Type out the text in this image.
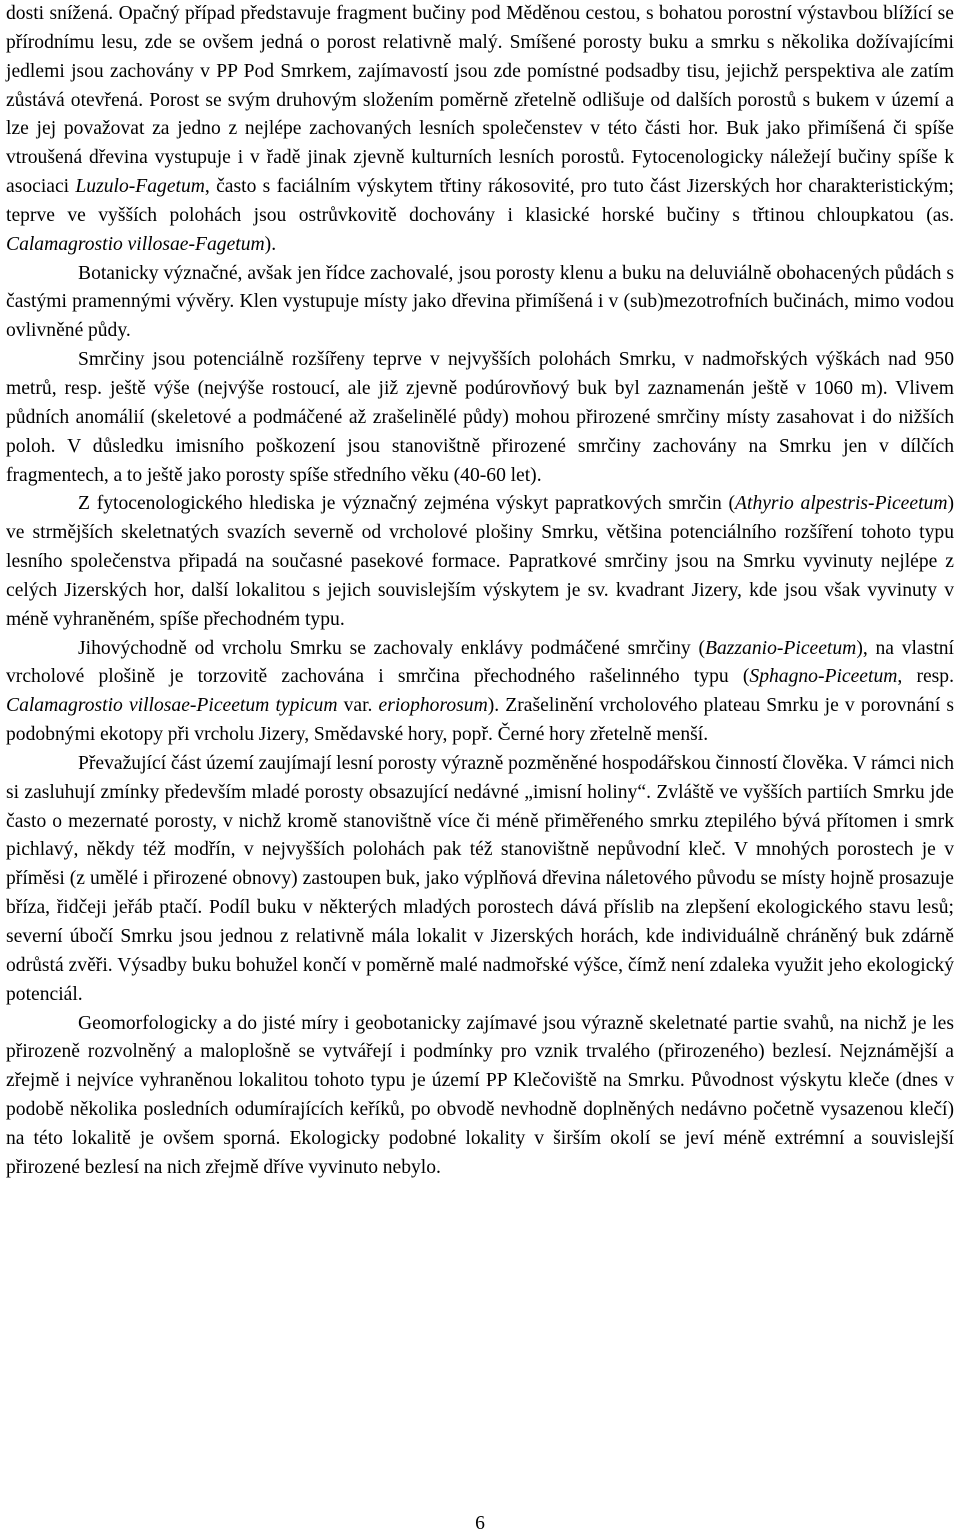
dosti snížená. Opačný případ představuje fragment bučiny pod Měděnou cestou, s bohatou porostní výstavbou blížící se přírodnímu lesu, zde se ovšem jedná o porost relativně malý. Smíšené porosty buku a smrku s několika dožívajícími jedlemi jsou zachovány v PP Pod Smrkem, zajímavostí jsou zde pomístné podsadby tisu, jejichž perspektiva ale zatím zůstává otevřená. Porost se svým druhovým složením poměrně zřetelně odlišuje od dalších porostů s bukem v území a lze jej považovat za jedno z nejlépe zachovaných lesních společenstev v této části hor. Buk jako přimíšená či spíše vtroušená dřevina vystupuje i v řadě jinak zjevně kulturních lesních porostů. Fytocenologicky náležejí bučiny spíše k asociaci Luzulo-Fagetum, často s faciálním výskytem třtiny rákosovité, pro tuto část Jizerských hor charakteristickým; teprve ve vyšších polohách jsou ostrůvkovitě dochovány i klasické horské bučiny s třtinou chloupkatou (as. Calamagrostio villosae-Fagetum).

Botanicky význačné, avšak jen řídce zachovalé, jsou porosty klenu a buku na deluviálně obohacených půdách s častými pramennými vývěry. Klen vystupuje místy jako dřevina přimíšená i v (sub)mezotrofních bučinách, mimo vodou ovlivněné půdy.

Smrčiny jsou potenciálně rozšířeny teprve v nejvyšších polohách Smrku, v nadmořských výškách nad 950 metrů, resp. ještě výše (nejvýše rostoucí, ale již zjevně podúrovňový buk byl zaznamenán ještě v 1060 m). Vlivem půdních anomálií (skeletové a podmáčené až zrašelinělé půdy) mohou přirozené smrčiny místy zasahovat i do nižších poloh. V důsledku imisního poškození jsou stanovištně přirozené smrčiny zachovány na Smrku jen v dílčích fragmentech, a to ještě jako porosty spíše středního věku (40-60 let).

Z fytocenologického hlediska je význačný zejména výskyt papratkových smrčin (Athyrio alpestris-Piceetum) ve strmějších skeletnatých svazích severně od vrcholové plošiny Smrku, většina potenciálního rozšíření tohoto typu lesního společenstva připadá na současné pasekové formace. Papratkové smrčiny jsou na Smrku vyvinuty nejlépe z celých Jizerských hor, další lokalitou s jejich souvislejším výskytem je sv. kvadrant Jizery, kde jsou však vyvinuty v méně vyhraněném, spíše přechodném typu.

Jihovýchodně od vrcholu Smrku se zachovaly enklávy podmáčené smrčiny (Bazzanio-Piceetum), na vlastní vrcholové plošině je torzovitě zachována i smrčina přechodného rašelinného typu (Sphagno-Piceetum, resp. Calamagrostio villosae-Piceetum typicum var. eriophorosum). Zrašelinění vrcholového plateau Smrku je v porovnání s podobnými ekotopy při vrcholu Jizery, Smědavské hory, popř. Černé hory zřetelně menší.

Převažující část území zaujímají lesní porosty výrazně pozměněné hospodářskou činností člověka. V rámci nich si zasluhují zmínky především mladé porosty obsazující nedávné „imisní holiny“. Zvláště ve vyšších partiích Smrku jde často o mezernaté porosty, v nichž kromě stanovištně více či méně přiměřeného smrku ztepilého bývá přítomen i smrk pichlavý, někdy též modřín, v nejvyšších polohách pak též stanovištně nepůvodní kleč. V mnohých porostech je v příměsi (z umělé i přirozené obnovy) zastoupen buk, jako výplňová dřevina náletového původu se místy hojně prosazuje bříza, řidčeji jeřáb ptačí. Podíl buku v některých mladých porostech dává příslib na zlepšení ekologického stavu lesů; severní úbočí Smrku jsou jednou z relativně mála lokalit v Jizerských horách, kde individuálně chráněný buk zdárně odrůstá zvěři. Výsadby buku bohužel končí v poměrně malé nadmořské výšce, čímž není zdaleka využit jeho ekologický potenciál.

Geomorfologicky a do jisté míry i geobotanicky zajímavé jsou výrazně skeletnaté partie svahů, na nichž je les přirozeně rozvolněný a maloplošně se vytvářejí i podmínky pro vznik trvalého (přirozeného) bezlesí. Nejznámější a zřejmě i nejvíce vyhraněnou lokalitou tohoto typu je území PP Klečoviště na Smrku. Původnost výskytu kleče (dnes v podobě několika posledních odumírajících keříků, po obvodě nevhodně doplněných nedávno početně vysazenou klečí) na této lokalitě je ovšem sporná. Ekologicky podobné lokality v širším okolí se jeví méně extrémní a souvislejší přirozené bezlesí na nich zřejmě dříve vyvinuto nebylo.

6
